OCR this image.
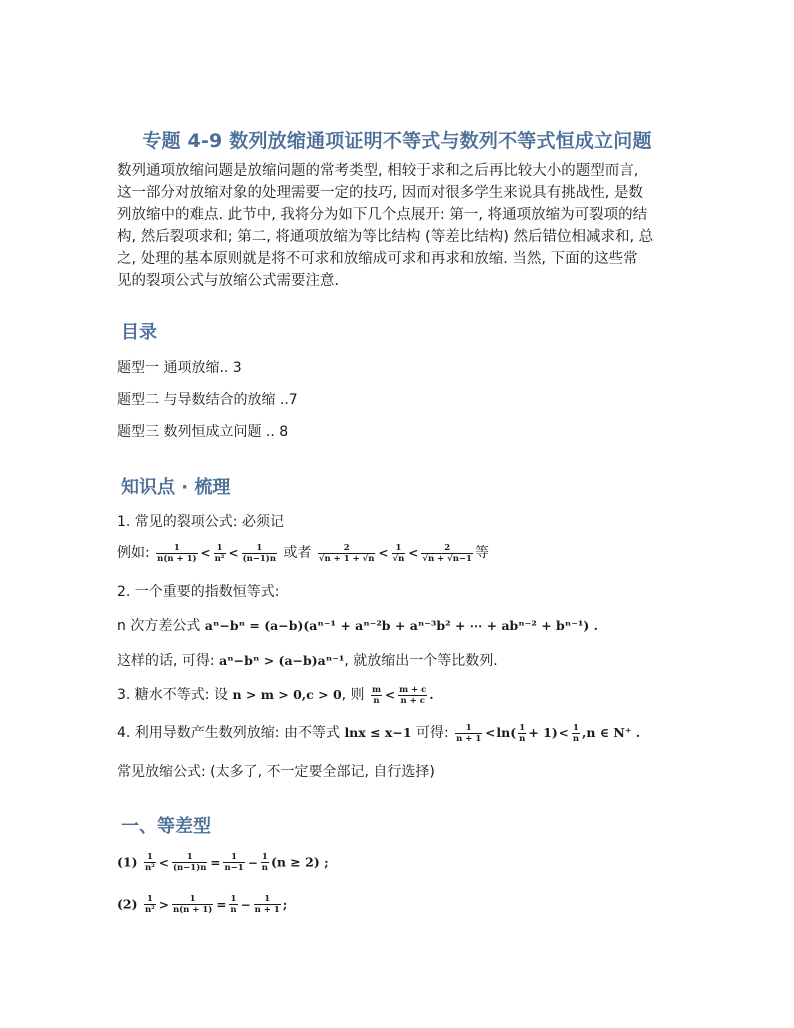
专题 4-9 数列放缩通项证明不等式与数列不等式恒成立问题
数列通项放缩问题是放缩问题的常考类型, 相较于求和之后再比较大小的题型而言,
这一部分对放缩对象的处理需要一定的技巧, 因而对很多学生来说具有挑战性, 是数
列放缩中的难点. 此节中, 我将分为如下几个点展开: 第一, 将通项放缩为可裂项的结
构, 然后裂项求和; 第二, 将通项放缩为等比结构 (等差比结构) 然后错位相减求和, 总
之, 处理的基本原则就是将不可求和放缩成可求和再求和放缩. 当然, 下面的这些常
见的裂项公式与放缩公式需要注意.
目录
题型一 通项放缩.. 3
题型二 与导数结合的放缩 ..7
题型三 数列恒成立问题 .. 8
知识点 · 梳理
1. 常见的裂项公式: 必须记
例如: $\frac{1}{n(n + 1)} < \frac{1}{\text{n²}} < \frac{1}{(n-1)n}$ 或者 $\frac{2}{√n + 1 + √n} < \frac{1}{√n} < \frac{2}{√n + √n-1}$ 等
2. 一个重要的指数恒等式:
n 次方差公式 aⁿ−bⁿ = (a−b)(aⁿ⁻¹ + aⁿ⁻²b + aⁿ⁻³b² + ⋯ + abⁿ⁻² + bⁿ⁻¹) .
这样的话, 可得: aⁿ−bⁿ > (a−b)aⁿ⁻¹, 就放缩出一个等比数列.
3. 糖水不等式: 设 n > m > 0,c > 0, 则 $\frac{m}{n} < \frac{m + c}{n + c}$ .
4. 利用导数产生数列放缩: 由不等式 lnx ≤ x−1 可得: $\frac{1}{n + 1} <\ln( \frac{1}{n} + 1)< \frac{1}{n} ,n$ ∈ N⁺ .
常见放缩公式: (太多了, 不一定要全部记, 自行选择)
一、等差型
$(1) \frac{1}{\text{n²}} < \frac{1}{(n-1)n} = \frac{1}{n-1} - \frac{1}{n} (n \ge 2)$ ;
$(2) \frac{1}{\text{n²}} > \frac{1}{n(n + 1)} = \frac{1}{n} - \frac{1}{n + 1}$ ;
